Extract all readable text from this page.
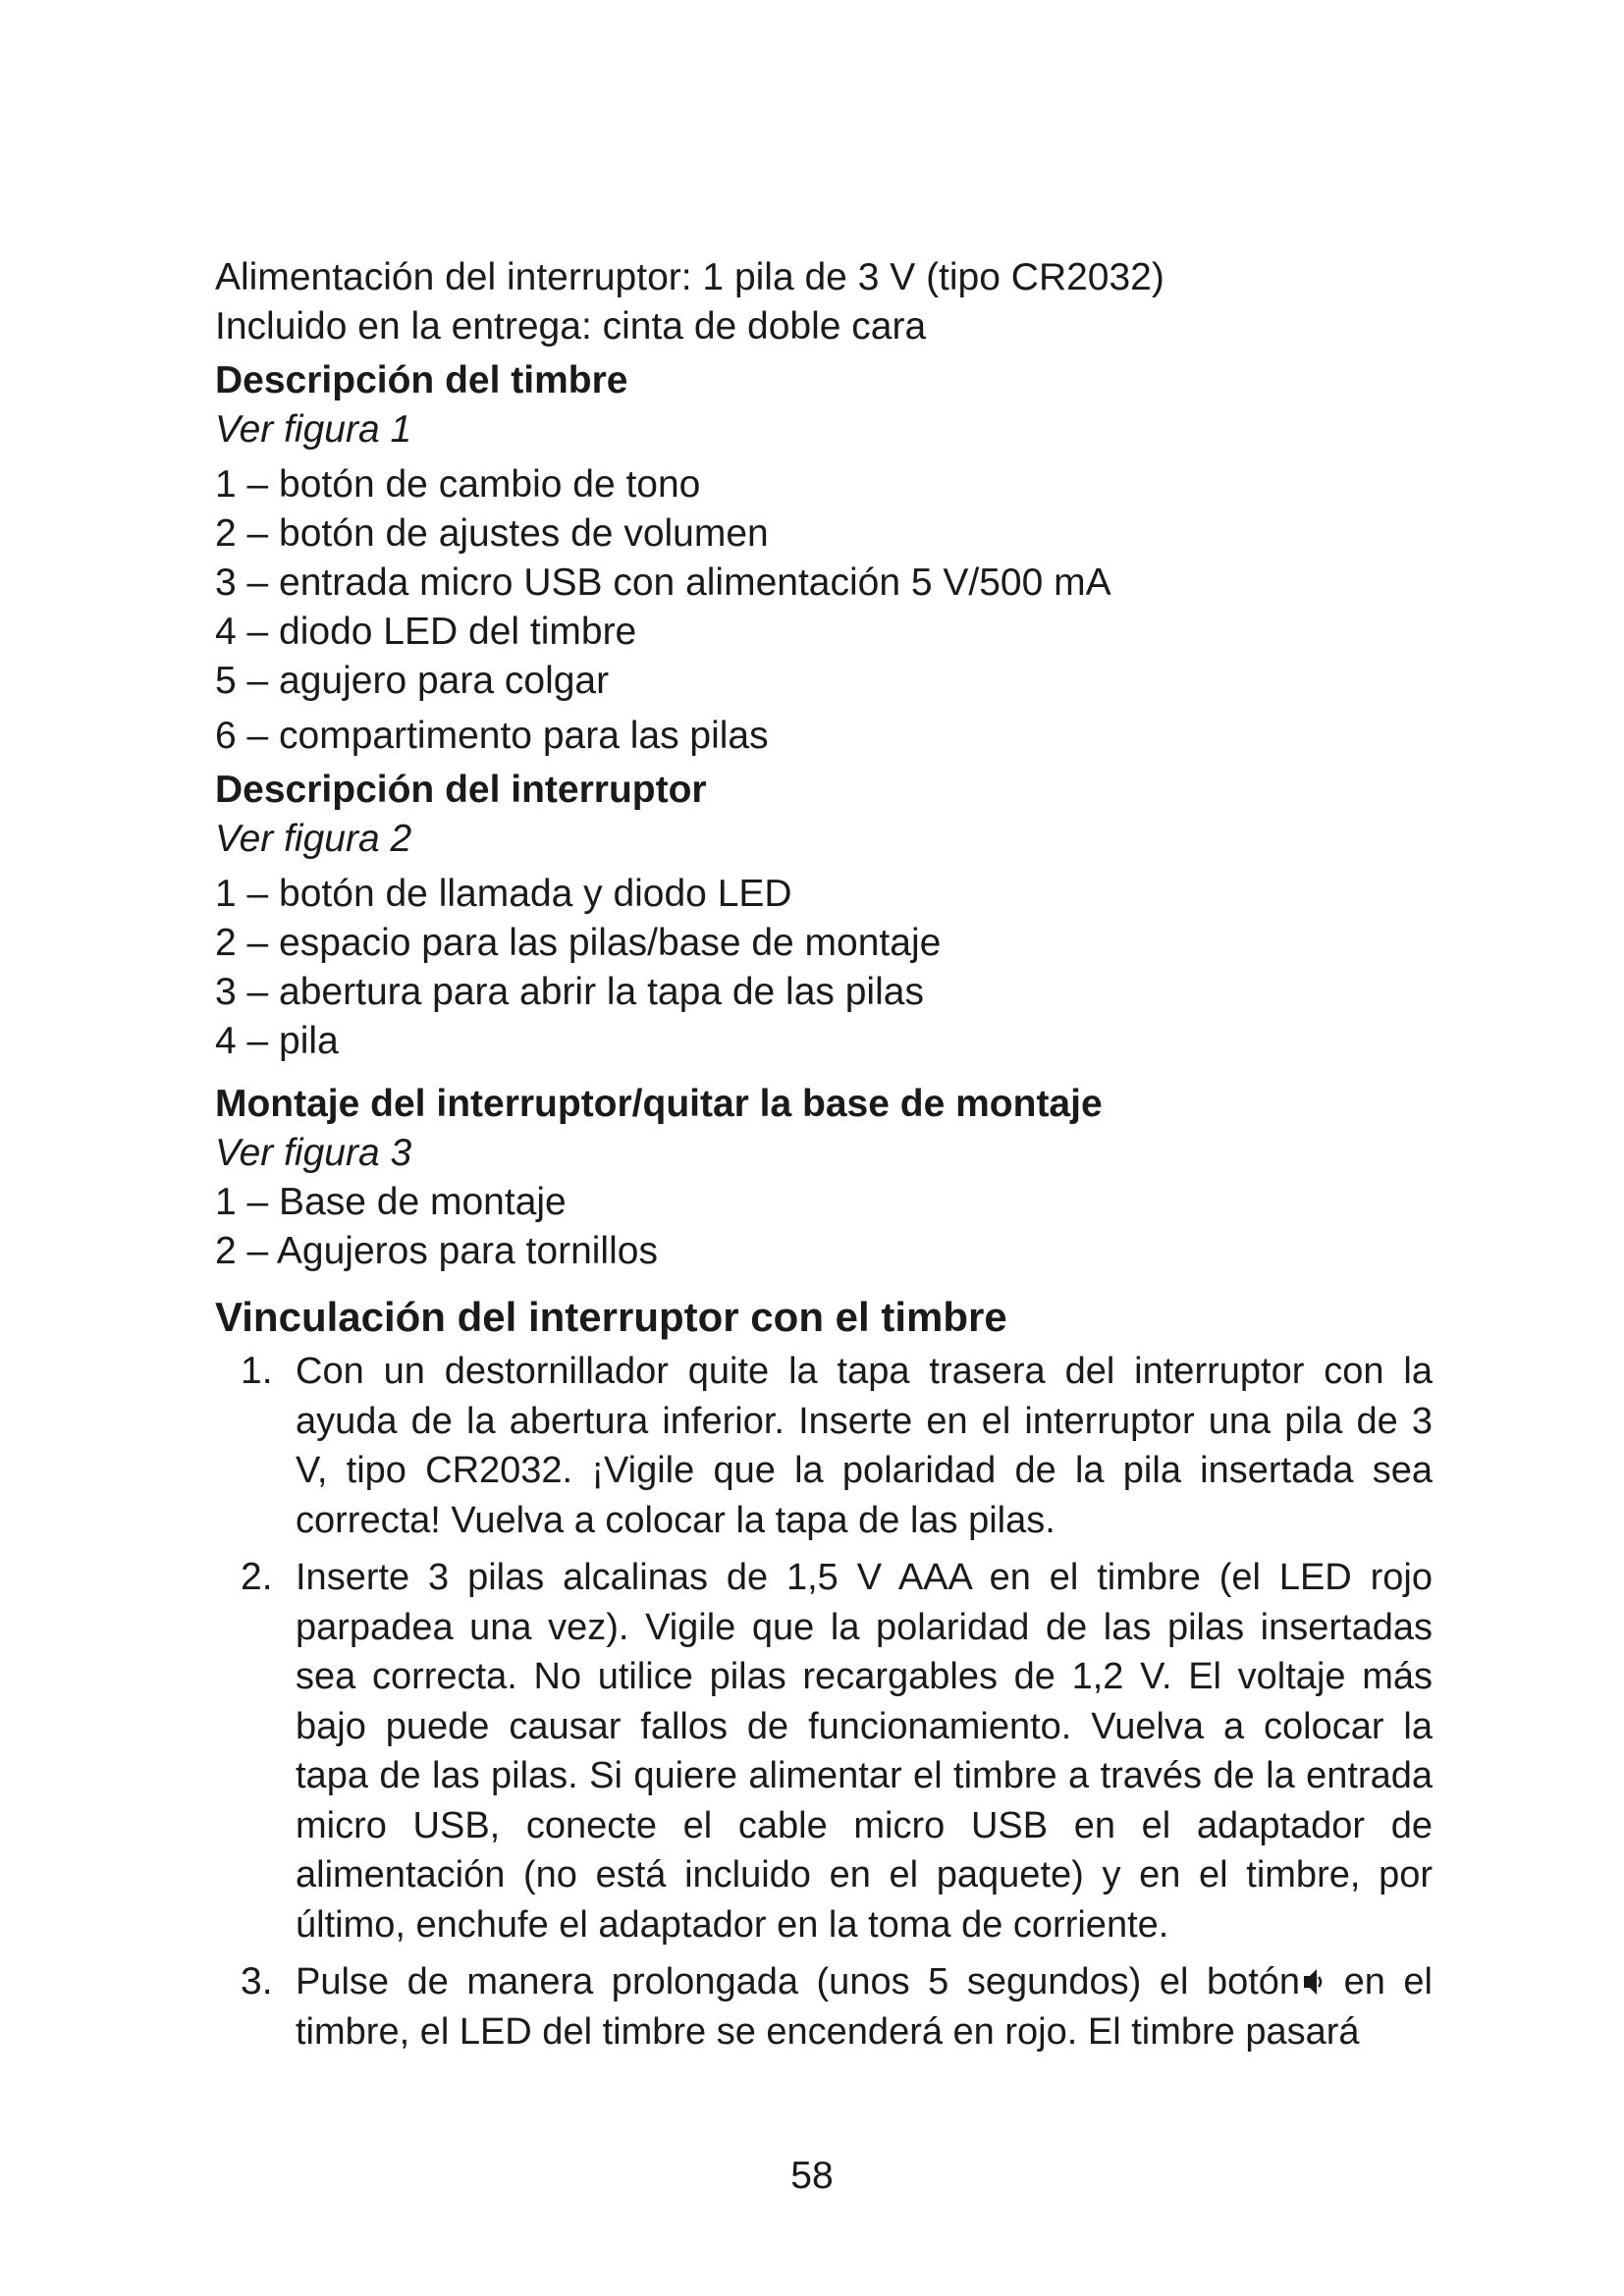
Alimentación del interruptor: 1 pila de 3 V (tipo CR2032)
Incluido en la entrega: cinta de doble cara
Descripción del timbre
Ver figura 1
1 – botón de cambio de tono
2 – botón de ajustes de volumen
3 – entrada micro USB con alimentación 5 V/500 mA
4 – diodo LED del timbre
5 – agujero para colgar
6 – compartimento para las pilas
Descripción del interruptor
Ver figura 2
1 – botón de llamada y diodo LED
2 – espacio para las pilas/base de montaje
3 – abertura para abrir la tapa de las pilas
4 – pila
Montaje del interruptor/quitar la base de montaje
Ver figura 3
1 – Base de montaje
2 – Agujeros para tornillos
Vinculación del interruptor con el timbre
1. Con un destornillador quite la tapa trasera del interruptor con la ayuda de la abertura inferior. Inserte en el interruptor una pila de 3 V, tipo CR2032. ¡Vigile que la polaridad de la pila insertada sea correcta! Vuelva a colocar la tapa de las pilas.
2. Inserte 3 pilas alcalinas de 1,5 V AAA en el timbre (el LED rojo parpadea una vez). Vigile que la polaridad de las pilas insertadas sea correcta. No utilice pilas recargables de 1,2 V. El voltaje más bajo puede causar fallos de funcionamiento. Vuelva a colocar la tapa de las pilas. Si quiere alimentar el timbre a través de la entrada micro USB, conecte el cable micro USB en el adaptador de alimentación (no está incluido en el paquete) y en el timbre, por último, enchufe el adaptador en la toma de corriente.
3. Pulse de manera prolongada (unos 5 segundos) el botón en el timbre, el LED del timbre se encenderá en rojo. El timbre pasará
58
